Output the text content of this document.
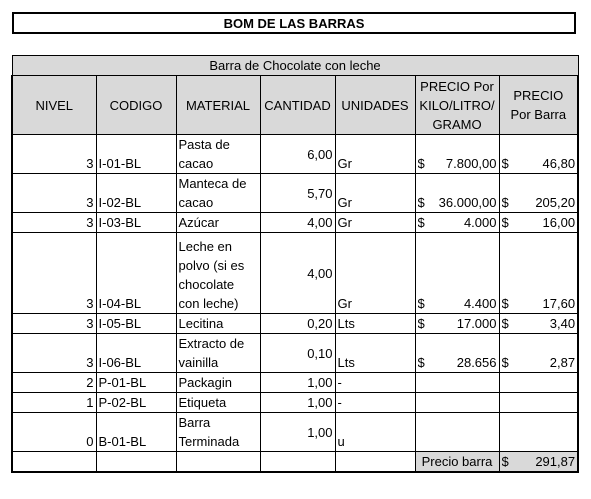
BOM DE LAS BARRAS
Barra de Chocolate con leche						
NIVEL	CODIGO	MATERIAL	CANTIDAD	UNIDADES	PRECIO Por KILO/LITRO/ GRAMO	PRECIO Por Barra
3	I-01-BL	Pasta de cacao	6,00	Gr	$ 7.800,00	$ 46,80

3	I-02-BL	Manteca de cacao	5,70	Gr	$ 36.000,00	$ 205,20

3	I-03-BL	Azúcar	4,00	Gr	$ 4.000	$ 16,00

3	I-04-BL	Leche en polvo (si es chocolate con leche)	4,00	Gr	$ 4.400	$ 17,60

3	I-05-BL	Lecitina	0,20	Lts	$ 17.000	$ 3,40

3	I-06-BL	Extracto de vainilla	0,10	Lts	$ 28.656	$ 2,87

2	P-01-BL	Packagin	1,00	-	

1	P-02-BL	Etiqueta	1,00	-	

0	B-01-BL	Barra Terminada	1,00	u	

					Precio barra	$ 291,87
